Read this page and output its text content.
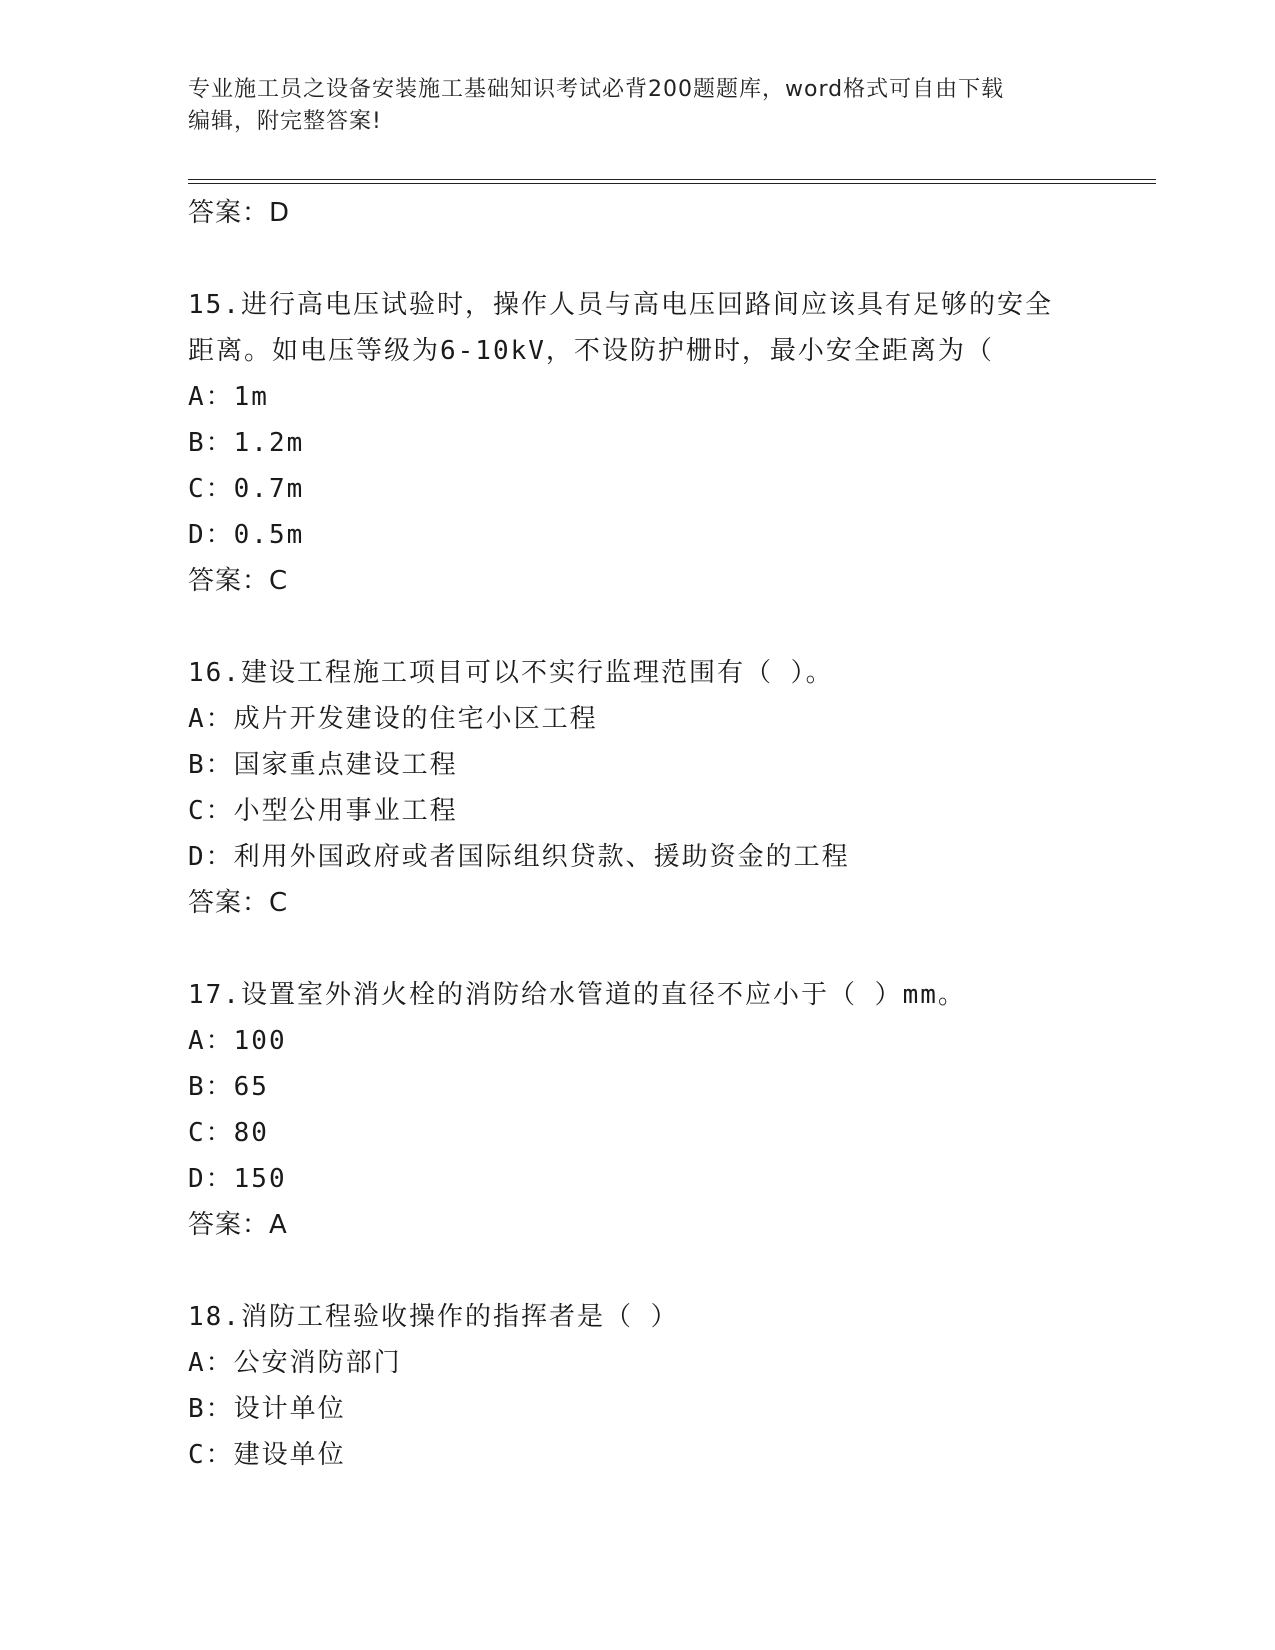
专业施工员之设备安装施工基础知识考试必背200题题库，word格式可自由下载
编辑，附完整答案!
答案：D
15.进行高电压试验时，操作人员与高电压回路间应该具有足够的安全
距离。如电压等级为6-10kV，不设防护栅时，最小安全距离为（
A：1m
B：1.2m
C：0.7m
D：0.5m
答案：C
16.建设工程施工项目可以不实行监理范围有（ ）。
A：成片开发建设的住宅小区工程
B：国家重点建设工程
C：小型公用事业工程
D：利用外国政府或者国际组织贷款、援助资金的工程
答案：C
17.设置室外消火栓的消防给水管道的直径不应小于（ ）mm。
A：100
B：65
C：80
D：150
答案：A
18.消防工程验收操作的指挥者是（ ）
A：公安消防部门
B：设计单位
C：建设单位
